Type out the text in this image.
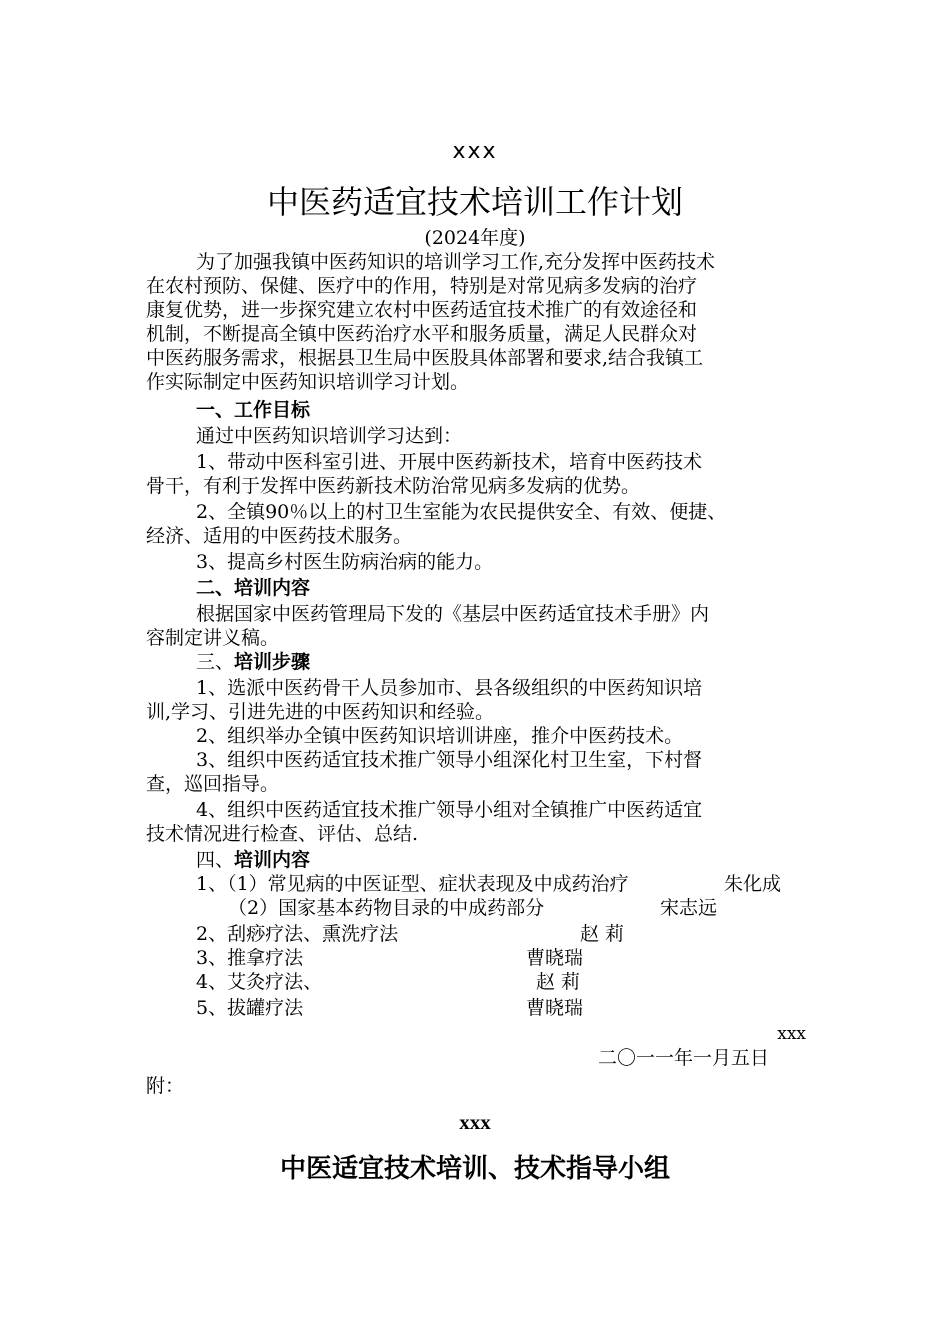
xxx
中医药适宜技术培训工作计划
(2024年度)
为了加强我镇中医药知识的培训学习工作,充分发挥中医药技术
在农村预防、保健、医疗中的作用，特别是对常见病多发病的治疗
康复优势，进一步探究建立农村中医药适宜技术推广的有效途径和
机制，不断提高全镇中医药治疗水平和服务质量，满足人民群众对
中医药服务需求，根据县卫生局中医股具体部署和要求,结合我镇工
作实际制定中医药知识培训学习计划。
一、工作目标
通过中医药知识培训学习达到：
1、带动中医科室引进、开展中医药新技术，培育中医药技术
骨干，有利于发挥中医药新技术防治常见病多发病的优势。
2、全镇90％以上的村卫生室能为农民提供安全、有效、便捷、
经济、适用的中医药技术服务。
3、提高乡村医生防病治病的能力。
二、培训内容
根据国家中医药管理局下发的《基层中医药适宜技术手册》内
容制定讲义稿。
三、培训步骤
1、选派中医药骨干人员参加市、县各级组织的中医药知识培
训,学习、引进先进的中医药知识和经验。
2、组织举办全镇中医药知识培训讲座，推介中医药技术。
3、组织中医药适宜技术推广领导小组深化村卫生室，下村督
查，巡回指导。
4、组织中医药适宜技术推广领导小组对全镇推广中医药适宜
技术情况进行检查、评估、总结.
四、培训内容
1、（1）常见病的中医证型、症状表现及中成药治疗	朱化成
（2）国家基本药物目录的中成药部分	宋志远
2、刮痧疗法、熏洗疗法	赵 莉
3、推拿疗法	曹晓瑞
4、艾灸疗法、	赵 莉
5、拔罐疗法	曹晓瑞
xxx
二〇一一年一月五日
附：
xxx
中医适宜技术培训、技术指导小组
